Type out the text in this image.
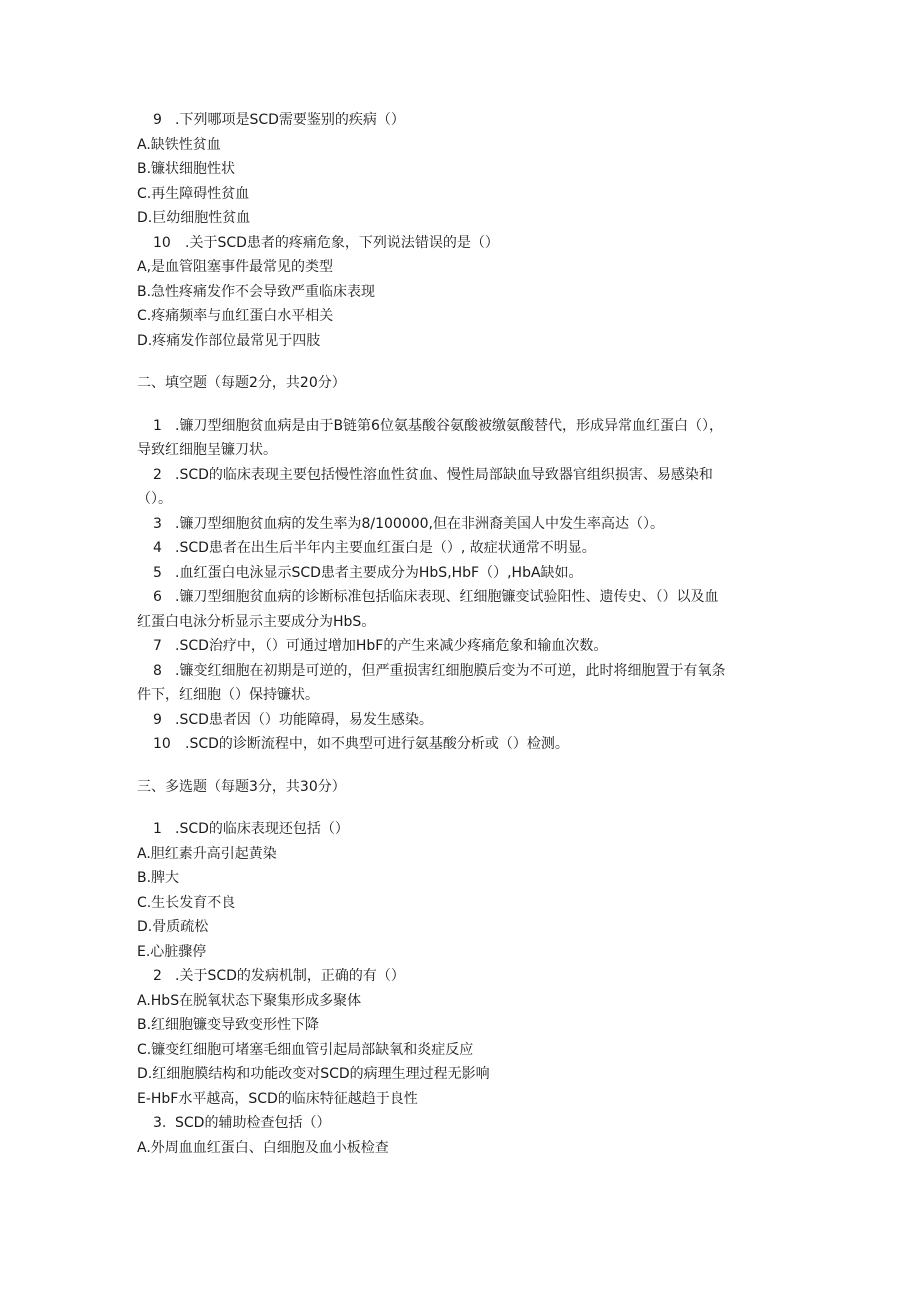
9 .下列哪项是SCD需要鉴别的疾病（）
A.缺铁性贫血
B.镰状细胞性状
C.再生障碍性贫血
D.巨幼细胞性贫血
10 .关于SCD患者的疼痛危象，下列说法错误的是（）
A,是血管阻塞事件最常见的类型
B.急性疼痛发作不会导致严重临床表现
C.疼痛频率与血红蛋白水平相关
D.疼痛发作部位最常见于四肢
二、填空题（每题2分，共20分）
1 .镰刀型细胞贫血病是由于B链第6位氨基酸谷氨酸被缴氨酸替代，形成异常血红蛋白（），
导致红细胞呈镰刀状。
2 .SCD的临床表现主要包括慢性溶血性贫血、慢性局部缺血导致器官组织损害、易感染和
（）。
3 .镰刀型细胞贫血病的发生率为8/100000,但在非洲裔美国人中发生率高达（）。
4 .SCD患者在出生后半年内主要血红蛋白是（）, 故症状通常不明显。
5 .血红蛋白电泳显示SCD患者主要成分为HbS,HbF（）,HbA缺如。
6 .镰刀型细胞贫血病的诊断标准包括临床表现、红细胞镰变试验阳性、遗传史、（）以及血
红蛋白电泳分析显示主要成分为HbS。
7 .SCD治疗中，（）可通过增加HbF的产生来减少疼痛危象和输血次数。
8 .镰变红细胞在初期是可逆的，但严重损害红细胞膜后变为不可逆，此时将细胞置于有氧条
件下，红细胞（）保持镰状。
9 .SCD患者因（）功能障碍，易发生感染。
10 .SCD的诊断流程中，如不典型可进行氨基酸分析或（）检测。
三、多选题（每题3分，共30分）
1 .SCD的临床表现还包括（）
A.胆红素升高引起黄染
B.脾大
C.生长发育不良
D.骨质疏松
E.心脏骤停
2 .关于SCD的发病机制，正确的有（）
A.HbS在脱氧状态下聚集形成多聚体
B.红细胞镰变导致变形性下降
C.镰变红细胞可堵塞毛细血管引起局部缺氧和炎症反应
D.红细胞膜结构和功能改变对SCD的病理生理过程无影响
E-HbF水平越高，SCD的临床特征越趋于良性
3. SCD的辅助检查包括（）
A.外周血血红蛋白、白细胞及血小板检查
